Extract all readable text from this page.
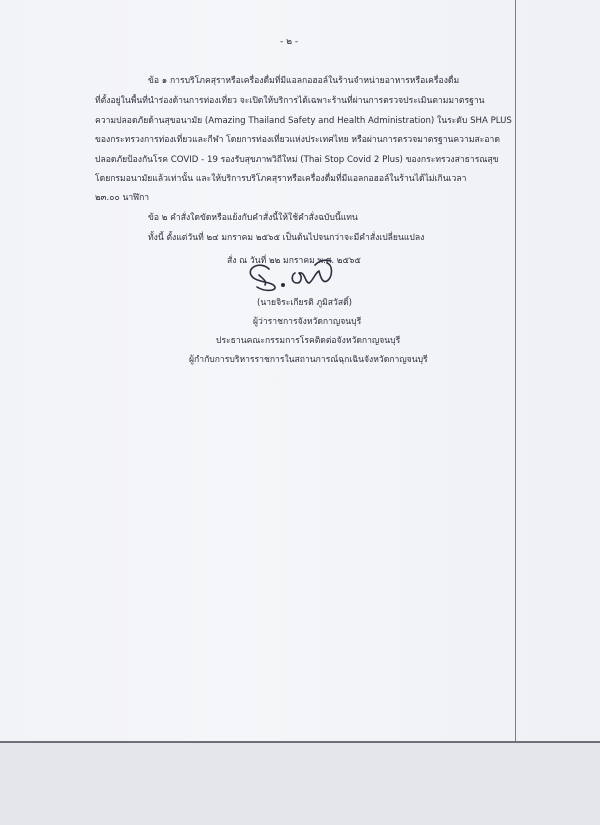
- ๒ -
ข้อ ๑ การบริโภคสุราหรือเครื่องดื่มที่มีแอลกอฮอล์ในร้านจำหน่ายอาหารหรือเครื่องดื่ม
ที่ตั้งอยู่ในพื้นที่นำร่องด้านการท่องเที่ยว จะเปิดให้บริการได้เฉพาะร้านที่ผ่านการตรวจประเมินตามมาตรฐาน
ความปลอดภัยด้านสุขอนามัย (Amazing Thailand Safety and Health Administration) ในระดับ SHA PLUS
ของกระทรวงการท่องเที่ยวและกีฬา โดยการท่องเที่ยวแห่งประเทศไทย หรือผ่านการตรวจมาตรฐานความสะอาด
ปลอดภัยป้องกันโรค COVID - 19 รองรับสุขภาพวิถีใหม่ (Thai Stop Covid 2 Plus) ของกระทรวงสาธารณสุข
โดยกรมอนามัยแล้วเท่านั้น และให้บริการบริโภคสุราหรือเครื่องดื่มที่มีแอลกอฮอล์ในร้านได้ไม่เกินเวลา
๒๓.๐๐ นาฬิกา
ข้อ ๒ คำสั่งใดขัดหรือแย้งกับคำสั่งนี้ให้ใช้คำสั่งฉบับนี้แทน
ทั้งนี้ ตั้งแต่วันที่ ๒๔ มกราคม ๒๕๖๕ เป็นต้นไปจนกว่าจะมีคำสั่งเปลี่ยนแปลง
สั่ง ณ วันที่ ๒๒ มกราคม พ.ศ. ๒๕๖๕
(นายจิระเกียรติ ภูมิสวัสดิ์)
ผู้ว่าราชการจังหวัดกาญจนบุรี
ประธานคณะกรรมการโรคติดต่อจังหวัดกาญจนบุรี
ผู้กำกับการบริหารราชการในสถานการณ์ฉุกเฉินจังหวัดกาญจนบุรี
